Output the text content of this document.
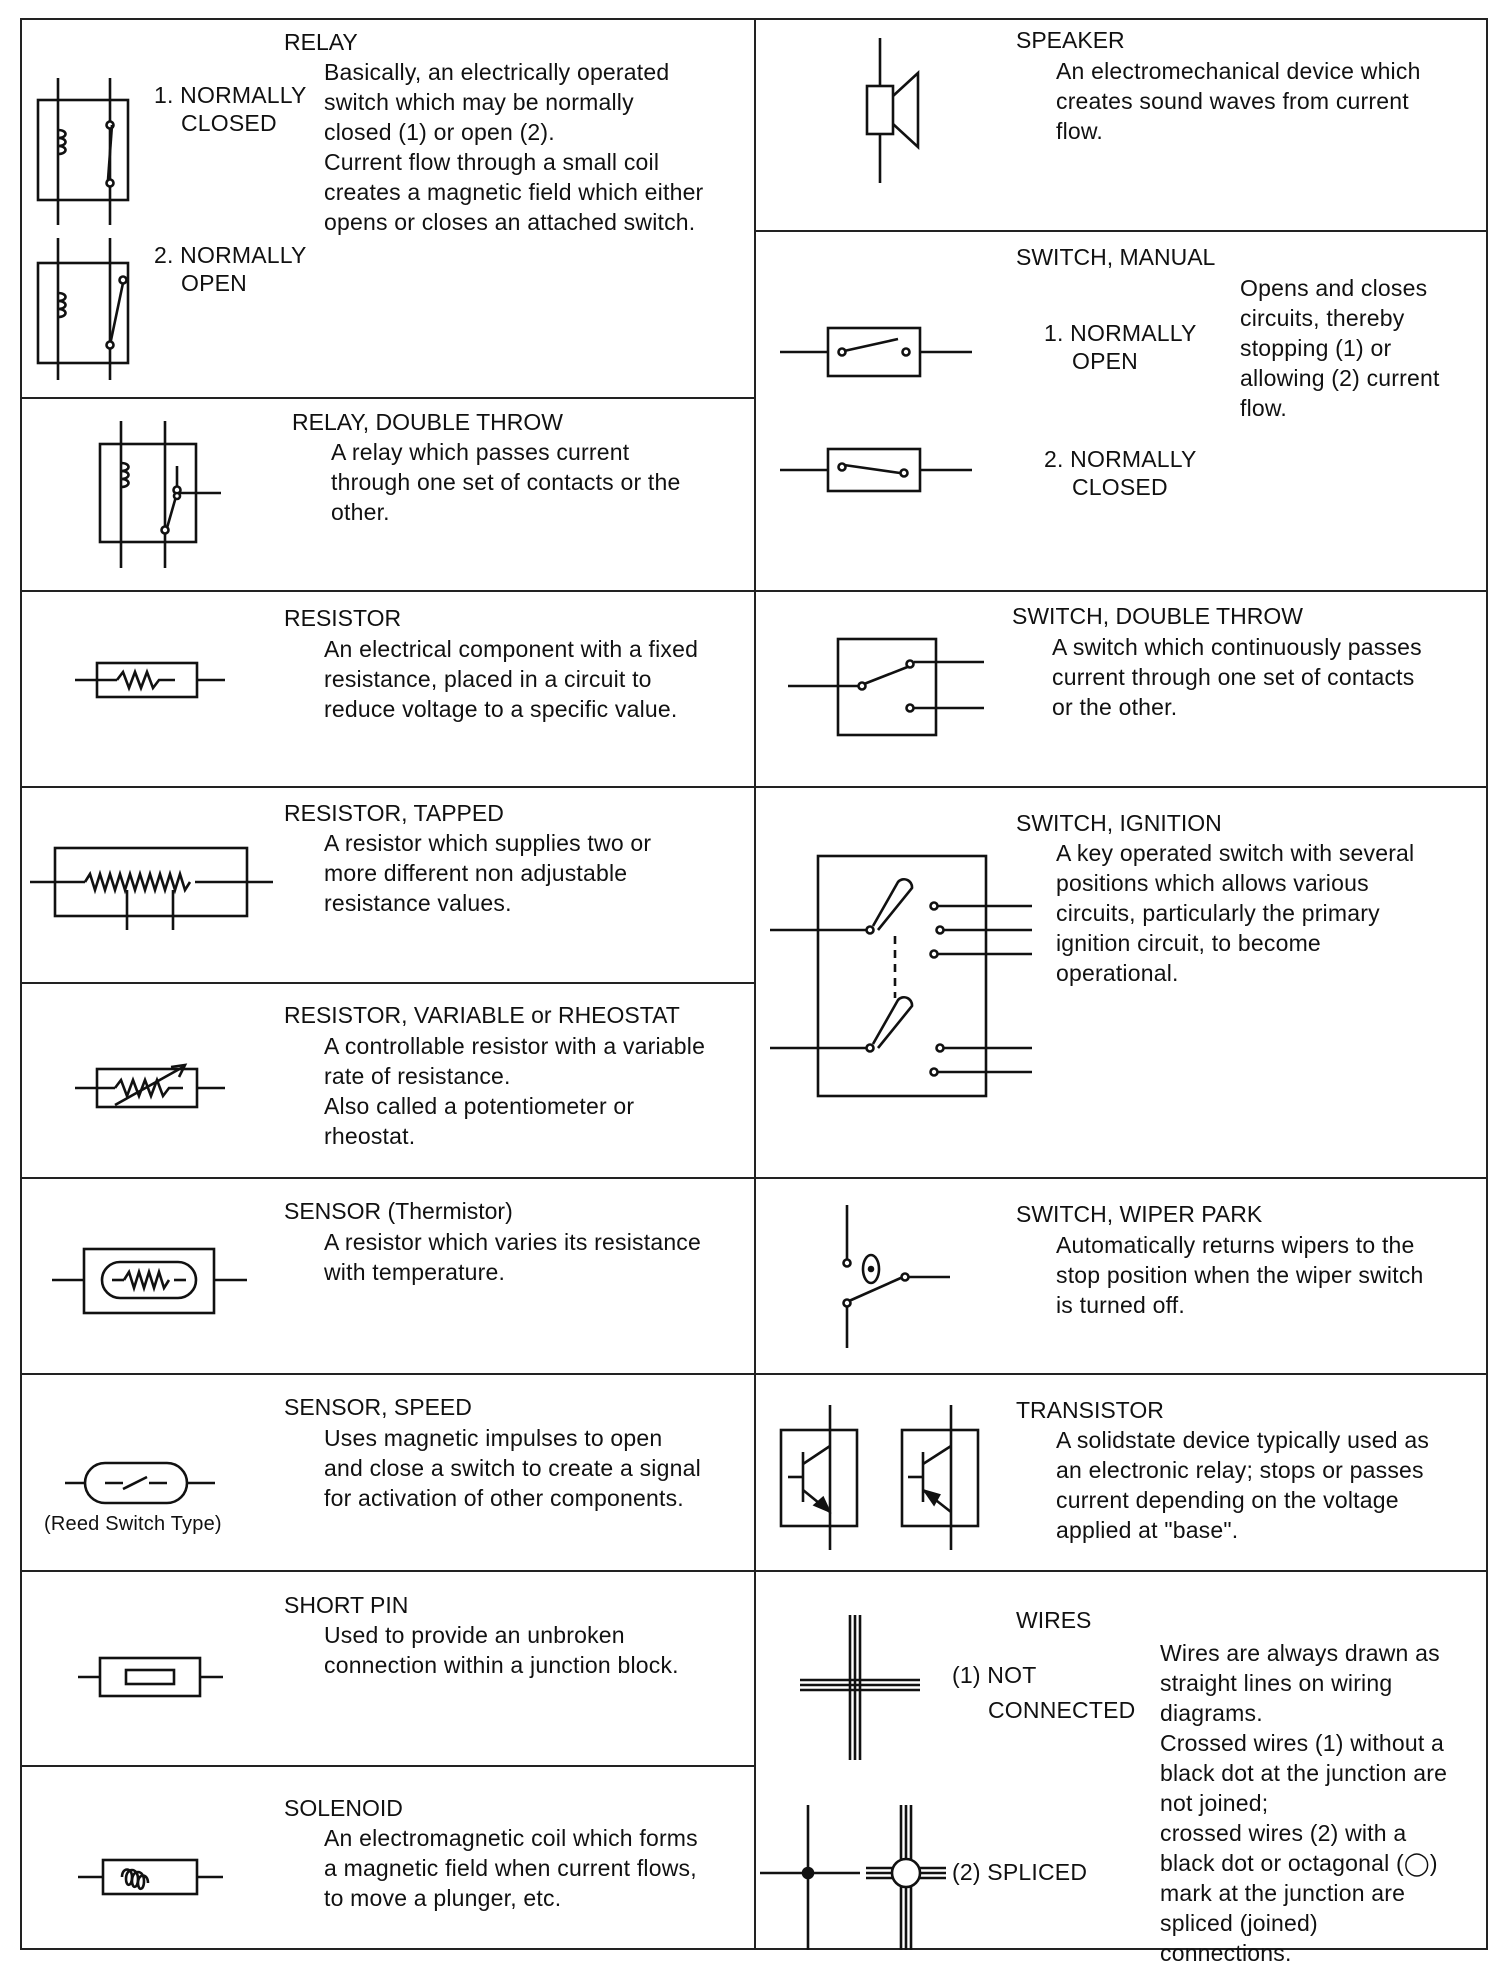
RELAY
1. NORMALLY
CLOSED
2. NORMALLY
OPEN
Basically, an electrically operated
switch which may be normally
closed (1) or open (2).
Current flow through a small coil
creates a magnetic field which either
opens or closes an attached switch.
RELAY, DOUBLE THROW
A relay which passes current
through one set of contacts or the
other.
RESISTOR
An electrical component with a fixed
resistance, placed in a circuit to
reduce voltage to a specific value.
RESISTOR, TAPPED
A resistor which supplies two or
more different non adjustable
resistance values.
RESISTOR, VARIABLE or RHEOSTAT
A controllable resistor with a variable
rate of resistance.
Also called a potentiometer or
rheostat.
SENSOR (Thermistor)
A resistor which varies its resistance
with temperature.
SENSOR, SPEED
Uses magnetic impulses to open
and close a switch to create a signal
for activation of other components.
(Reed Switch Type)
SHORT PIN
Used to provide an unbroken
connection within a junction block.
SOLENOID
An electromagnetic coil which forms
a magnetic field when current flows,
to move a plunger, etc.
SPEAKER
An electromechanical device which
creates sound waves from current
flow.
SWITCH, MANUAL
1. NORMALLY
OPEN
2. NORMALLY
CLOSED
Opens and closes
circuits, thereby
stopping (1) or
allowing (2) current
flow.
SWITCH, DOUBLE THROW
A switch which continuously passes
current through one set of contacts
or the other.
SWITCH, IGNITION
A key operated switch with several
positions which allows various
circuits, particularly the primary
ignition circuit, to become
operational.
SWITCH, WIPER PARK
Automatically returns wipers to the
stop position when the wiper switch
is turned off.
TRANSISTOR
A solidstate device typically used as
an electronic relay; stops or passes
current depending on the voltage
applied at "base".
WIRES
(1) NOT
CONNECTED
(2) SPLICED
Wires are always drawn as
straight lines on wiring
diagrams.
Crossed wires (1) without a
black dot at the junction are
not joined;
crossed wires (2) with a
black dot or octagonal (◯)
mark at the junction are
spliced (joined)
connections.
